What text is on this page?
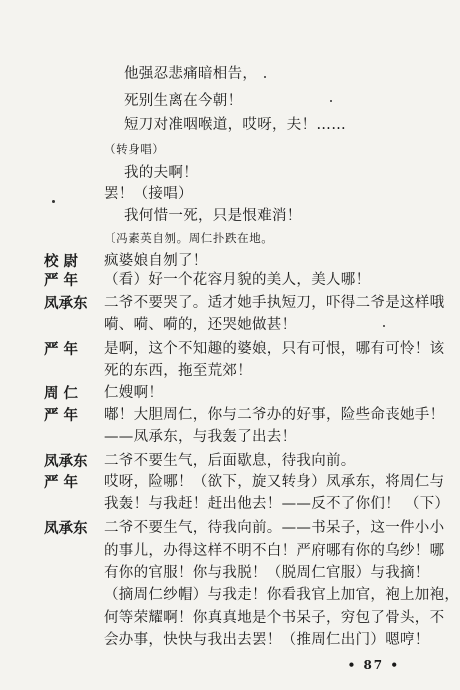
他强忍悲痛暗相告，
死别生离在今朝！
短刀对准咽喉道，哎呀，夫！……
（转身唱）
我的夫啊！
罢！（接唱）
我何惜一死，只是恨难消！
〔冯素英自刎。周仁扑跌在地。
校 尉 疯婆娘自刎了！
严 年 （看）好一个花容月貌的美人，美人哪！
凤承东 二爷不要哭了。适才她手执短刀，吓得二爷是这样哦
嗬、嗬、嗬的，还哭她做甚！
严 年 是啊，这个不知趣的婆娘，只有可恨，哪有可怜！该
死的东西，拖至荒郊！
周 仁 仁嫂啊！
严 年 嘟！大胆周仁，你与二爷办的好事，险些命丧她手！
——凤承东，与我轰了出去！
凤承东 二爷不要生气，后面歇息，待我向前。
严 年 哎呀，险哪！（欲下，旋又转身）凤承东，将周仁与
我轰！与我赶！赶出他去！——反不了你们！ （下）
凤承东 二爷不要生气，待我向前。——书呆子，这一件小小
的事儿，办得这样不明不白！严府哪有你的乌纱！哪
有你的官服！你与我脱！（脱周仁官服）与我摘！
（摘周仁纱帽）与我走！你看我官上加官，袍上加袍，
何等荣耀啊！你真真地是个书呆子，穷包了骨头，不
会办事，快快与我出去罢！（推周仁出门）嗯哼！
• 87 •
